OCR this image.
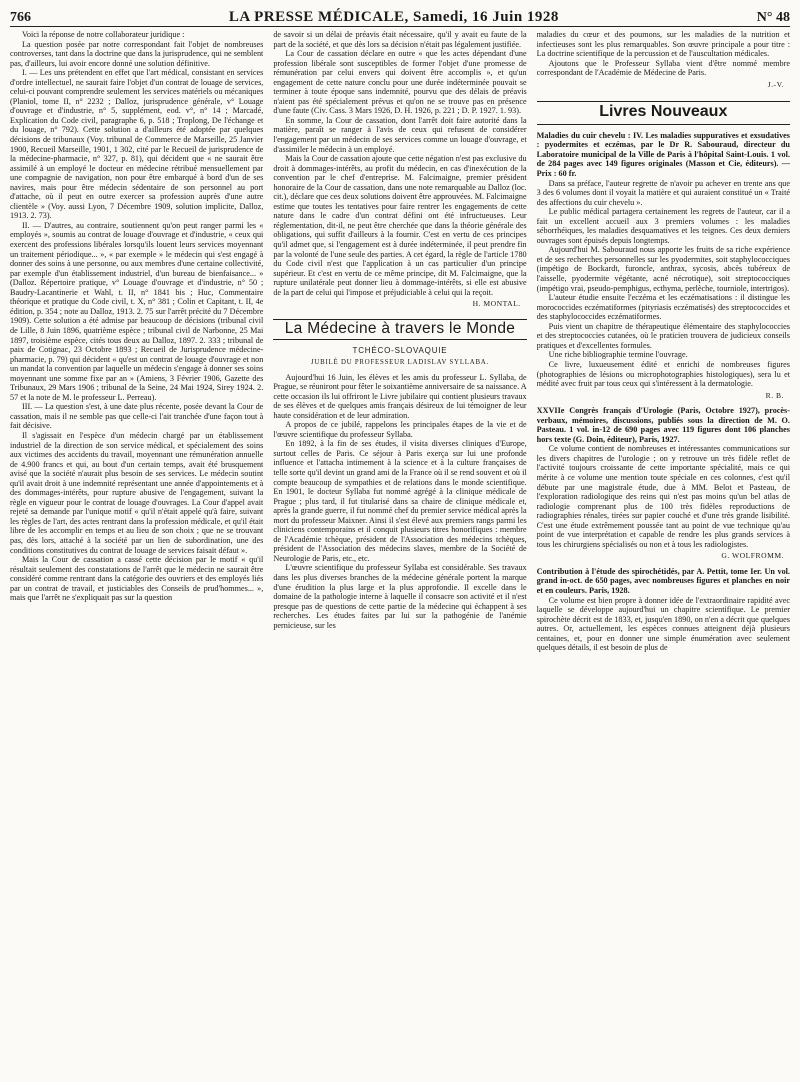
766	LA PRESSE MÉDICALE, Samedi, 16 Juin 1928	N° 48

Voici la réponse de notre collaborateur juridique :

La question posée par notre correspondant fait l'objet de nombreuses controverses, tant dans la doctrine que dans la jurisprudence, qui ne semblent pas, d'ailleurs, lui avoir encore donné une solution définitive.

I. — Les uns prétendent en effet que l'art médical, consistant en services d'ordre intellectuel, ne saurait faire l'objet d'un contrat de louage de services, celui-ci pouvant comprendre seulement les services matériels ou mécaniques (Planiol, tome II, n° 2232 ; Dalloz, jurisprudence générale, v° Louage d'ouvrage et d'industrie, n° 5, supplément, eod. v°, n° 14 ; Marcadé, Explication du Code civil, paragraphe 6, p. 518 ; Troplong, De l'échange et du louage, n° 792). Cette solution a d'ailleurs été adoptée par quelques décisions de tribunaux (Voy. tribunal de Commerce de Marseille, 25 Janvier 1900, Recueil Marseille, 1901, 1 302, cité par le Recueil de jurisprudence de la médecine-pharmacie, n° 327, p. 81), qui décident que « ne saurait être assimilé à un employé le docteur en médecine rétribué mensuellement par une compagnie de navigation, non pour être embarqué à bord d'un de ses navires, mais pour être médecin sédentaire de son personnel au port d'attache, où il peut en outre exercer sa profession auprès d'une autre clientèle » (Voy. aussi Lyon, 7 Décembre 1909, solution implicite, Dalloz, 1913. 2. 73).

II. — D'autres, au contraire, soutiennent qu'on peut ranger parmi les « employés », soumis au contrat de louage d'ouvrage et d'industrie, « ceux qui exercent des professions libérales lorsqu'ils louent leurs services moyennant un traitement périodique... », « par exemple » le médecin qui s'est engagé à donner des soins à une personne, ou aux membres d'une certaine collectivité, par exemple d'un établissement industriel, d'un bureau de bienfaisance... » (Dalloz. Répertoire pratique, v° Louage d'ouvrage et d'industrie, n° 50 ; Baudry-Lacantinerie et Wahl, t. II, n° 1841 bis ; Huc, Commentaire théorique et pratique du Code civil, t. X, n° 381 ; Colin et Capitant, t. II, 4e édition, p. 354 ; note au Dalloz, 1913. 2. 75 sur l'arrêt précité du 7 Décembre 1909). Cette solution a été admise par beaucoup de décisions (tribunal civil de Lille, 8 Juin 1896, quatrième espèce ; tribunal civil de Narbonne, 25 Mai 1897, troisième espèce, cités tous deux au Dalloz, 1897. 2. 333 ; tribunal de paix de Cotignac, 23 Octobre 1893 ; Recueil de Jurisprudence médecine-pharmacie, p. 79) qui décident « qu'est un contrat de louage d'ouvrage et non un mandat la convention par laquelle un médecin s'engage à donner ses soins moyennant une somme fixe par an » (Amiens, 3 Février 1906, Gazette des Tribunaux, 29 Mars 1906 ; tribunal de la Seine, 24 Mai 1924, Sirey 1924. 2. 57 et la note de M. le professeur L. Perreau).

III. — La question s'est, à une date plus récente, posée devant la Cour de cassation, mais il ne semble pas que celle-ci l'ait tranchée d'une façon tout à fait décisive.

Il s'agissait en l'espèce d'un médecin chargé par un établissement industriel de la direction de son service médical, et spécialement des soins aux victimes des accidents du travail, moyennant une rémunération annuelle de 4.900 francs et qui, au bout d'un certain temps, avait été brusquement avisé que la société n'aurait plus besoin de ses services. Le médecin soutint qu'il avait droit à une indemnité représentant une année d'appointements et à des dommages-intérêts, pour rupture abusive de l'engagement, suivant la règle en vigueur pour le contrat de louage d'ouvrages. La Cour d'appel avait rejeté sa demande par l'unique motif « qu'il n'était appelé qu'à faire, suivant les règles de l'art, des actes rentrant dans la profession médicale, et qu'il était libre de les accomplir en temps et au lieu de son choix ; que ne se trouvant pas, dès lors, attaché à la société par un lien de subordination, une des conditions constitutives du contrat de louage de services faisait défaut ».

Mais la Cour de cassation a cassé cette décision par le motif « qu'il résultait seulement des constatations de l'arrêt que le médecin ne saurait être considéré comme rentrant dans la catégorie des ouvriers et des employés liés par un contrat de travail, et justiciables des Conseils de prud'hommes... », mais que l'arrêt ne s'expliquait pas sur la question

de savoir si un délai de préavis était nécessaire, qu'il y avait eu faute de la part de la société, et que dès lors sa décision n'était pas légalement justifiée.

La Cour de cassation déclare en outre « que les actes dépendant d'une profession libérale sont susceptibles de former l'objet d'une promesse de rémunération par celui envers qui doivent être accomplis », et qu'un engagement de cette nature conclu pour une durée indéterminée pouvait se terminer à toute époque sans indemnité, pourvu que des délais de préavis n'aient pas été spécialement prévus et qu'on ne se trouve pas en présence d'une faute (Civ. Cass. 3 Mars 1926, D. H. 1926, p. 221 ; D. P. 1927. 1. 93).

En somme, la Cour de cassation, dont l'arrêt doit faire autorité dans la matière, paraît se ranger à l'avis de ceux qui refusent de considérer l'engagement par un médecin de ses services comme un louage d'ouvrage, et d'assimiler le médecin à un employé.

Mais la Cour de cassation ajoute que cette négation n'est pas exclusive du droit à dommages-intérêts, au profit du médecin, en cas d'inexécution de la convention par le chef d'entreprise. M. Falcimaigne, premier président honoraire de la Cour de cassation, dans une note remarquable au Dalloz (loc. cit.), déclare que ces deux solutions doivent être approuvées. M. Falcimaigne estime que toutes les tentatives pour faire rentrer les engagements de cette nature dans le cadre d'un contrat défini ont été infructueuses. Leur réglementation, dit-il, ne peut être cherchée que dans la théorie générale des obligations, qui suffit d'ailleurs à la fournir. C'est en vertu de ces principes qu'il admet que, si l'engagement est à durée indéterminée, il peut prendre fin par la volonté de l'une seule des parties. A cet égard, la règle de l'article 1780 du Code civil n'est que l'application à un cas particulier d'un principe supérieur. Et c'est en vertu de ce même principe, dit M. Falcimaigne, que la rupture unilatérale peut donner lieu à dommage-intérêts, si elle est abusive de la part de celui qui l'impose et préjudiciable à celui qui la reçoit.

H. MONTAL.

La Médecine à travers le Monde
TCHÉCO-SLOVAQUIE
JUBILÉ DU PROFESSEUR LADISLAV SYLLABA.

Aujourd'hui 16 Juin, les élèves et les amis du professeur L. Syllaba, de Prague, se réuniront pour fêter le soixantième anniversaire de sa naissance. A cette occasion ils lui offriront le Livre jubilaire qui contient plusieurs travaux de ses élèves et de quelques amis français désireux de lui témoigner de leur haute considération et de leur admiration.

A propos de ce jubilé, rappelons les principales étapes de la vie et de l'œuvre scientifique du professeur Syllaba.

En 1892, à la fin de ses études, il visita diverses cliniques d'Europe, surtout celles de Paris. Ce séjour à Paris exerça sur lui une profonde influence et l'attacha intimement à la science et à la culture françaises de telle sorte qu'il devint un grand ami de la France où il se rend souvent et où il compte beaucoup de sympathies et de relations dans le monde scientifique. En 1901, le docteur Syllaba fut nommé agrégé à la clinique médicale de Prague ; plus tard, il fut titularisé dans sa chaire de clinique médicale et, après la grande guerre, il fut nommé chef du premier service médical après la mort du professeur Maixner. Ainsi il s'est élevé aux premiers rangs parmi les cliniciens contemporains et il conquit plusieurs titres honorifiques : membre de l'Académie tchèque, président de l'Association des médecins tchèques, président de l'Association des médecins slaves, membre de la Société de Neurologie de Paris, etc., etc.

L'œuvre scientifique du professeur Syllaba est considérable. Ses travaux dans les plus diverses branches de la médecine générale portent la marque d'une érudition la plus large et la plus approfondie. Il excelle dans le domaine de la pathologie interne à laquelle il consacre son activité et il n'est presque pas de questions de cette partie de la médecine qui échappent à ses recherches. Les études faites par lui sur la pathogénie de l'anémie pernicieuse, sur les

maladies du cœur et des poumons, sur les maladies de la nutrition et infectieuses sont les plus remarquables. Son œuvre principale a pour titre : La doctrine scientifique de la percussion et de l'auscultation médicales.

Ajoutons que le Professeur Syllaba vient d'être nommé membre correspondant de l'Académie de Médecine de Paris.

J.-V.

Livres Nouveaux

Maladies du cuir chevelu : IV. Les maladies suppuratives et exsudatives : pyodermites et eczémas, par le Dr R. Sabouraud, directeur du Laboratoire municipal de la Ville de Paris à l'hôpital Saint-Louis. 1 vol. de 284 pages avec 149 figures originales (Masson et Cie, éditeurs). — Prix : 60 fr.

Dans sa préface, l'auteur regrette de n'avoir pu achever en trente ans que 3 des 6 volumes dont il voyait la matière et qui auraient constitué un « Traité des affections du cuir chevelu ».

Le public médical partagera certainement les regrets de l'auteur, car il a fait un excellent accueil aux 3 premiers volumes : les maladies séborrhéiques, les maladies desquamatives et les teignes. Ces deux derniers ouvrages sont épuisés depuis longtemps.

Aujourd'hui M. Sabouraud nous apporte les fruits de sa riche expérience et de ses recherches personnelles sur les pyodermites, soit staphylococciques (impétigo de Bockardt, furoncle, anthrax, sycosis, abcès tubéreux de l'aisselle, pyodermite végétante, acné nécrotique), soit streptococciques (impétigo vrai, pseudo-pemphigus, ecthyma, perlèche, tourniole, intertrigos).

L'auteur étudie ensuite l'eczéma et les eczématisations : il distingue les morococcides eczématiformes (pityriasis eczématisés) des streptococcides et des staphylococcides eczématiformes.

Puis vient un chapitre de thérapeutique élémentaire des staphylococcies et des streptococcies cutanées, où le praticien trouvera de judicieux conseils pratiques et d'excellentes formules.

Une riche bibliographie termine l'ouvrage.

Ce livre, luxueusement édité et enrichi de nombreuses figures (photographies de lésions ou microphotographies histologiques), sera lu et médité avec fruit par tous ceux qui s'intéressent à la dermatologie.

R. B.

XXVIIe Congrès français d'Urologie (Paris, Octobre 1927), procès-verbaux, mémoires, discussions, publiés sous la direction de M. O. Pasteau. 1 vol. in-12 de 690 pages avec 119 figures dont 106 planches hors texte (G. Doin, éditeur), Paris, 1927.

Ce volume contient de nombreuses et intéressantes communications sur les divers chapitres de l'urologie ; on y retrouve un très fidèle reflet de l'activité toujours croissante de cette importante spécialité, mais ce qui mérite à ce volume une mention toute spéciale en ces colonnes, c'est qu'il débute par une magistrale étude, due à MM. Belot et Pasteau, de l'exploration radiologique des reins qui n'est pas moins qu'un bel atlas de radiologie comprenant plus de 100 très fidèles reproductions de radiographies rénales, tirées sur papier couché et d'une très grande lisibilité. C'est une étude extrêmement poussée tant au point de vue technique qu'au point de vue interprétation et capable de rendre les plus grands services à tous les chirurgiens spécialisés ou non et à tous les radiologistes.

G. WOLFROMM.

Contribution à l'étude des spirochétidés, par A. Pettit, tome Ier. Un vol. grand in-oct. de 650 pages, avec nombreuses figures et planches en noir et en couleurs. Paris, 1928.

Ce volume est bien propre à donner idée de l'extraordinaire rapidité avec laquelle se développe aujourd'hui un chapitre scientifique. Le premier spirochète décrit est de 1833, et, jusqu'en 1890, on n'en a décrit que quelques autres. Or, actuellement, les espèces connues atteignent déjà plusieurs centaines, et, pour en donner une simple énumération avec seulement quelques détails, il est besoin de plus de
